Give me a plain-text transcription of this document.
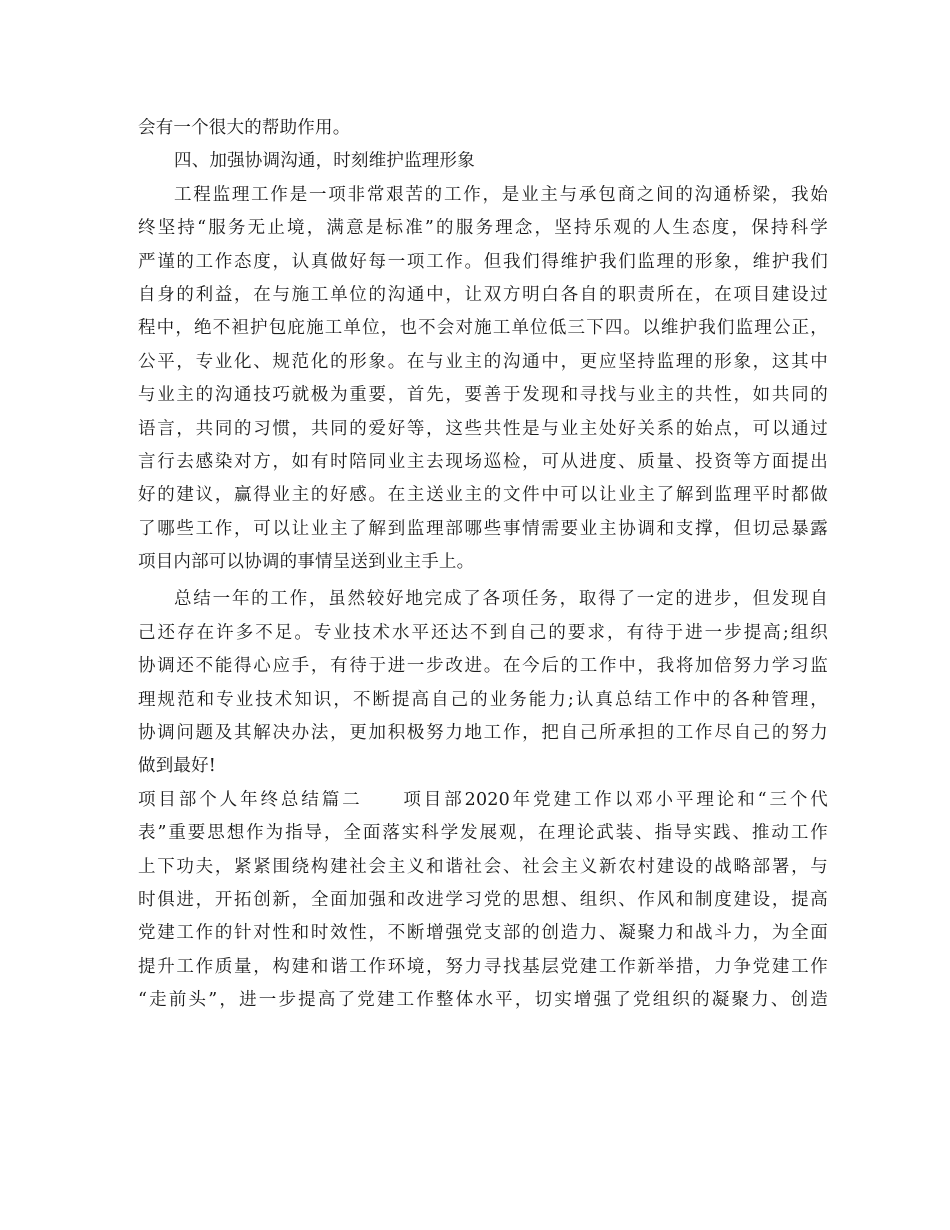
会有一个很大的帮助作用。
四、加强协调沟通，时刻维护监理形象
工程监理工作是一项非常艰苦的工作，是业主与承包商之间的沟通桥梁，我始
终坚持“服务无止境，满意是标准”的服务理念，坚持乐观的人生态度，保持科学
严谨的工作态度，认真做好每一项工作。但我们得维护我们监理的形象，维护我们
自身的利益，在与施工单位的沟通中，让双方明白各自的职责所在，在项目建设过
程中，绝不袒护包庇施工单位，也不会对施工单位低三下四。以维护我们监理公正，
公平，专业化、规范化的形象。在与业主的沟通中，更应坚持监理的形象，这其中
与业主的沟通技巧就极为重要，首先，要善于发现和寻找与业主的共性，如共同的
语言，共同的习惯，共同的爱好等，这些共性是与业主处好关系的始点，可以通过
言行去感染对方，如有时陪同业主去现场巡检，可从进度、质量、投资等方面提出
好的建议，赢得业主的好感。在主送业主的文件中可以让业主了解到监理平时都做
了哪些工作，可以让业主了解到监理部哪些事情需要业主协调和支撑，但切忌暴露
项目内部可以协调的事情呈送到业主手上。
总结一年的工作，虽然较好地完成了各项任务，取得了一定的进步，但发现自
己还存在许多不足。专业技术水平还达不到自己的要求，有待于进一步提高;组织
协调还不能得心应手，有待于进一步改进。在今后的工作中，我将加倍努力学习监
理规范和专业技术知识，不断提高自己的业务能力;认真总结工作中的各种管理，
协调问题及其解决办法，更加积极努力地工作，把自己所承担的工作尽自己的努力
做到最好!
项目部个人年终总结篇二　　项目部2020年党建工作以邓小平理论和“三个代
表”重要思想作为指导，全面落实科学发展观，在理论武装、指导实践、推动工作
上下功夫，紧紧围绕构建社会主义和谐社会、社会主义新农村建设的战略部署，与
时俱进，开拓创新，全面加强和改进学习党的思想、组织、作风和制度建设，提高
党建工作的针对性和时效性，不断增强党支部的创造力、凝聚力和战斗力，为全面
提升工作质量，构建和谐工作环境，努力寻找基层党建工作新举措，力争党建工作
“走前头”，进一步提高了党建工作整体水平，切实增强了党组织的凝聚力、创造
